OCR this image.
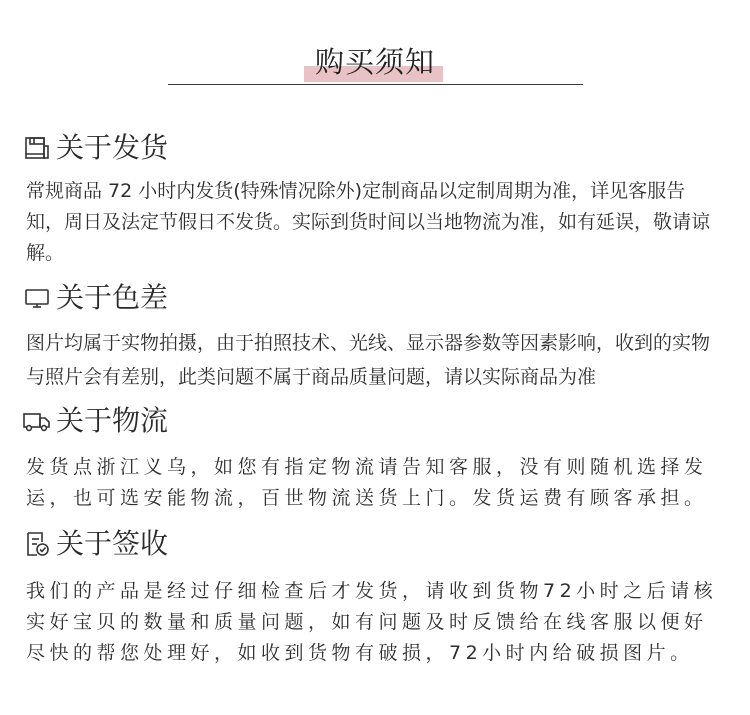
购买须知
关于发货

常规商品 72 小时内发货(特殊情况除外)定制商品以定制周期为准，详见客服告
知，周日及法定节假日不发货。实际到货时间以当地物流为准，如有延误，敬请谅
解。

关于色差

图片均属于实物拍摄，由于拍照技术、光线、显示器参数等因素影响，收到的实物
与照片会有差别，此类问题不属于商品质量问题，请以实际商品为准

关于物流

发货点浙江义乌，如您有指定物流请告知客服，没有则随机选择发
运，也可选安能物流，百世物流送货上门。发货运费有顾客承担。

关于签收

我们的产品是经过仔细检查后才发货，请收到货物72小时之后请核
实好宝贝的数量和质量问题，如有问题及时反馈给在线客服以便好
尽快的帮您处理好，如收到货物有破损，72小时内给破损图片。
